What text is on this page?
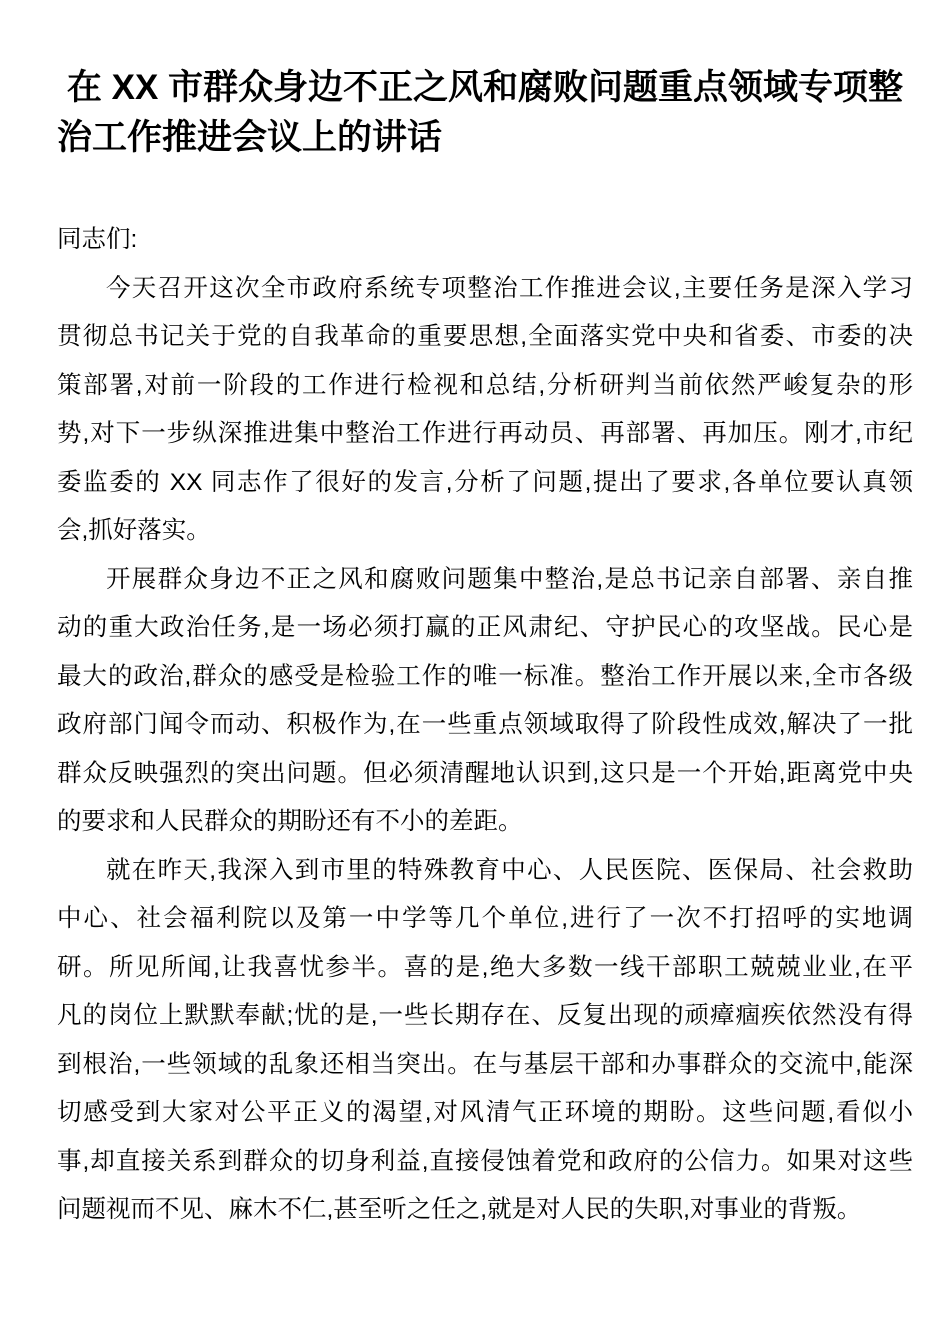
在 XX 市群众身边不正之风和腐败问题重点领域专项整
治工作推进会议上的讲话
同志们:
今天召开这次全市政府系统专项整治工作推进会议,主要任务是深入学习
贯彻总书记关于党的自我革命的重要思想,全面落实党中央和省委、市委的决
策部署,对前一阶段的工作进行检视和总结,分析研判当前依然严峻复杂的形
势,对下一步纵深推进集中整治工作进行再动员、再部署、再加压。刚才,市纪
委监委的 XX 同志作了很好的发言,分析了问题,提出了要求,各单位要认真领
会,抓好落实。
开展群众身边不正之风和腐败问题集中整治,是总书记亲自部署、亲自推
动的重大政治任务,是一场必须打赢的正风肃纪、守护民心的攻坚战。民心是
最大的政治,群众的感受是检验工作的唯一标准。整治工作开展以来,全市各级
政府部门闻令而动、积极作为,在一些重点领域取得了阶段性成效,解决了一批
群众反映强烈的突出问题。但必须清醒地认识到,这只是一个开始,距离党中央
的要求和人民群众的期盼还有不小的差距。
就在昨天,我深入到市里的特殊教育中心、人民医院、医保局、社会救助
中心、社会福利院以及第一中学等几个单位,进行了一次不打招呼的实地调
研。所见所闻,让我喜忧参半。喜的是,绝大多数一线干部职工兢兢业业,在平
凡的岗位上默默奉献;忧的是,一些长期存在、反复出现的顽瘴痼疾依然没有得
到根治,一些领域的乱象还相当突出。在与基层干部和办事群众的交流中,能深
切感受到大家对公平正义的渴望,对风清气正环境的期盼。这些问题,看似小
事,却直接关系到群众的切身利益,直接侵蚀着党和政府的公信力。如果对这些
问题视而不见、麻木不仁,甚至听之任之,就是对人民的失职,对事业的背叛。
